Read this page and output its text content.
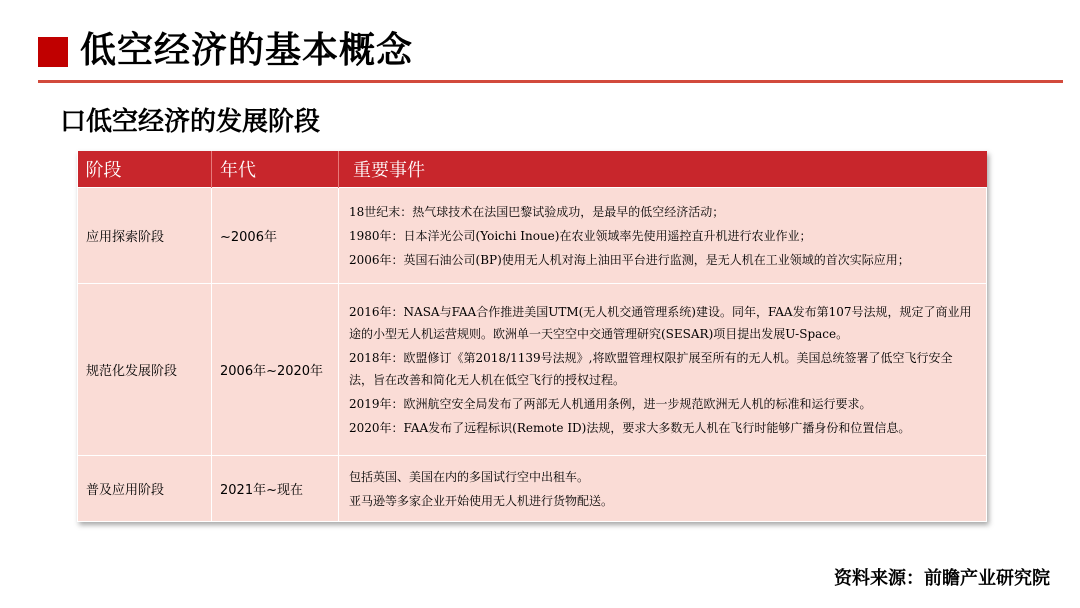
低空经济的基本概念
口低空经济的发展阶段
阶段	年代	重要事件
应用探索阶段	~2006年	18世纪末：热气球技术在法国巴黎试验成功，是最早的低空经济活动；
1980年：日本洋光公司(Yoichi Inoue)在农业领域率先使用遥控直升机进行农业作业；
2006年：英国石油公司(BP)使用无人机对海上油田平台进行监测，是无人机在工业领域的首次实际应用；

规范化发展阶段	2006年~2020年	2016年：NASA与FAA合作推进美国UTM(无人机交通管理系统)建设。同年，FAA发布第107号法规，规定了商业用途的小型无人机运营规则。欧洲单一天空空中交通管理研究(SESAR)项目提出发展U-Space。
2018年：欧盟修订《第2018/1139号法规》,将欧盟管理权限扩展至所有的无人机。美国总统签署了低空飞行安全法，旨在改善和简化无人机在低空飞行的授权过程。
2019年：欧洲航空安全局发布了两部无人机通用条例，进一步规范欧洲无人机的标准和运行要求。
2020年：FAA发布了远程标识(Remote ID)法规，要求大多数无人机在飞行时能够广播身份和位置信息。

普及应用阶段	2021年~现在	包括英国、美国在内的多国试行空中出租车。
亚马逊等多家企业开始使用无人机进行货物配送。
资料来源：前瞻产业研究院
